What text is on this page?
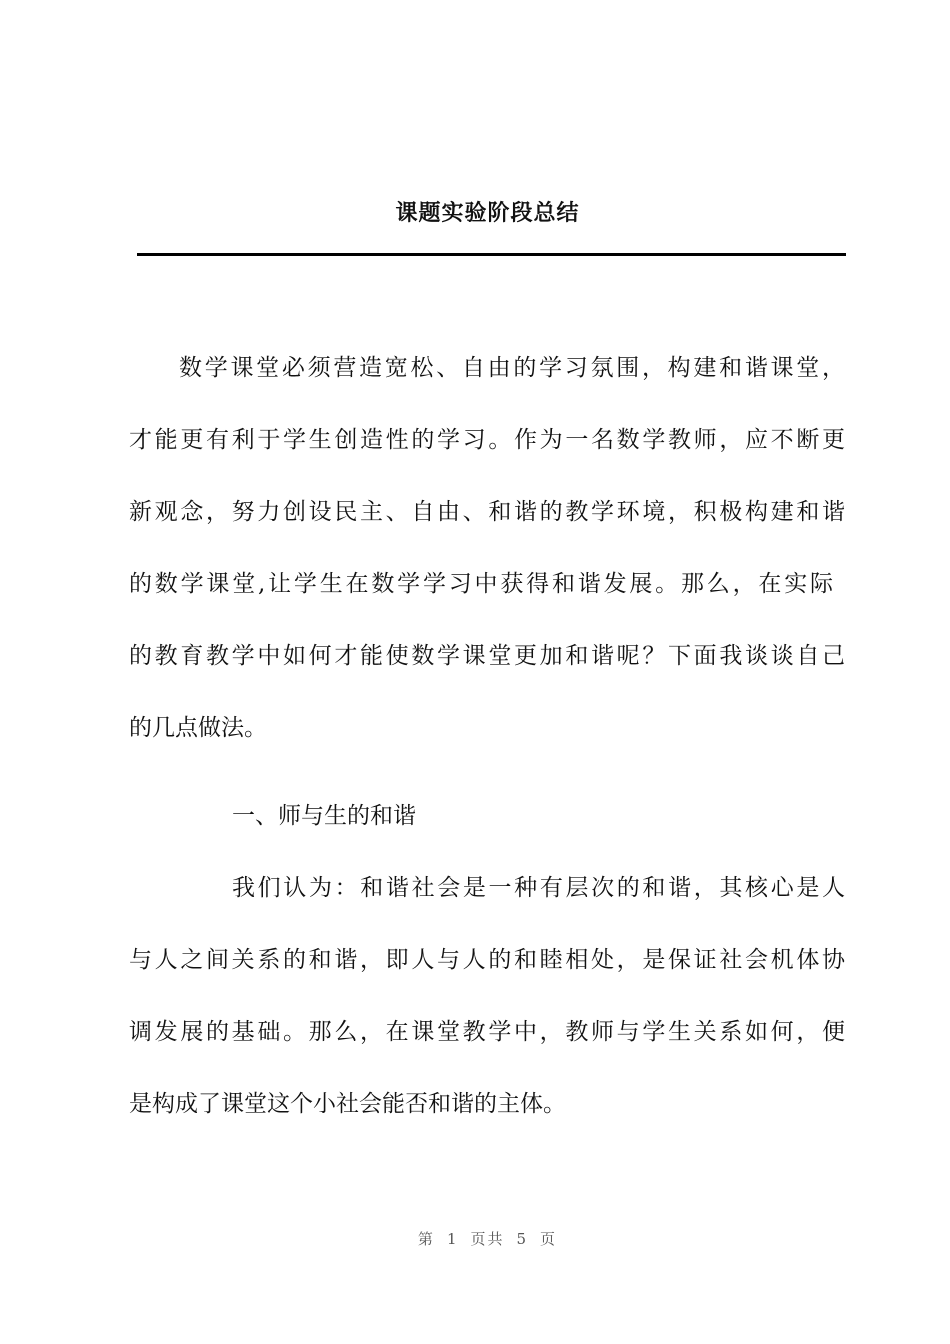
课题实验阶段总结
数学课堂必须营造宽松、自由的学习氛围，构建和谐课堂，
才能更有利于学生创造性的学习。作为一名数学教师，应不断更
新观念，努力创设民主、自由、和谐的教学环境，积极构建和谐
的数学课堂,让学生在数学学习中获得和谐发展。那么，在实际
的教育教学中如何才能使数学课堂更加和谐呢？下面我谈谈自己
的几点做法。
一、师与生的和谐
我们认为：和谐社会是一种有层次的和谐，其核心是人
与人之间关系的和谐，即人与人的和睦相处，是保证社会机体协
调发展的基础。那么，在课堂教学中，教师与学生关系如何，便
是构成了课堂这个小社会能否和谐的主体。
第 1 页共 5 页
